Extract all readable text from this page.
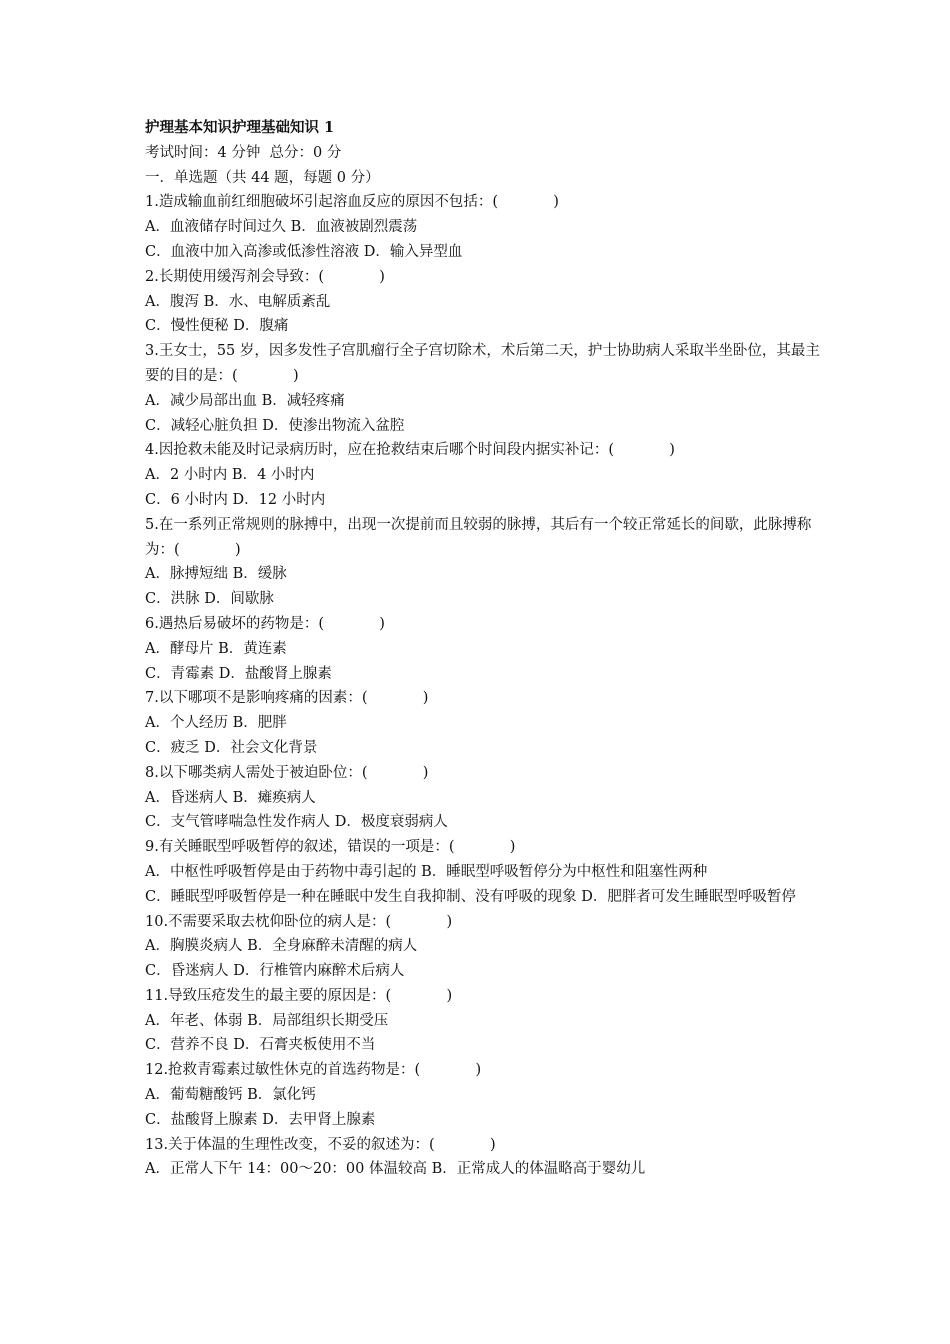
护理基本知识护理基础知识 1
考试时间：4 分钟  总分：0 分
一．单选题（共 44 题，每题 0 分）
1.造成输血前红细胞破坏引起溶血反应的原因不包括：(            )
A．血液储存时间过久 B．血液被剧烈震荡
C．血液中加入高渗或低渗性溶液 D．输入异型血
2.长期使用缓泻剂会导致：(            )
A．腹泻 B．水、电解质紊乱
C．慢性便秘 D．腹痛
3.王女士，55 岁，因多发性子宫肌瘤行全子宫切除术，术后第二天，护士协助病人采取半坐卧位，其最主要的目的是：(            )
A．减少局部出血 B．减轻疼痛
C．减轻心脏负担 D．使渗出物流入盆腔
4.因抢救未能及时记录病历时，应在抢救结束后哪个时间段内据实补记：(            )
A．2 小时内 B．4 小时内
C．6 小时内 D．12 小时内
5.在一系列正常规则的脉搏中，出现一次提前而且较弱的脉搏，其后有一个较正常延长的间歇，此脉搏称为：(            )
A．脉搏短绌 B．缓脉
C．洪脉 D．间歇脉
6.遇热后易破坏的药物是：(            )
A．酵母片 B．黄连素
C．青霉素 D．盐酸肾上腺素
7.以下哪项不是影响疼痛的因素：(            )
A．个人经历 B．肥胖
C．疲乏 D．社会文化背景
8.以下哪类病人需处于被迫卧位：(            )
A．昏迷病人 B．瘫痪病人
C．支气管哮喘急性发作病人 D．极度衰弱病人
9.有关睡眠型呼吸暂停的叙述，错误的一项是：(            )
A．中枢性呼吸暂停是由于药物中毒引起的 B．睡眠型呼吸暂停分为中枢性和阻塞性两种
C．睡眠型呼吸暂停是一种在睡眠中发生自我抑制、没有呼吸的现象 D．肥胖者可发生睡眠型呼吸暂停
10.不需要采取去枕仰卧位的病人是：(            )
A．胸膜炎病人 B．全身麻醉未清醒的病人
C．昏迷病人 D．行椎管内麻醉术后病人
11.导致压疮发生的最主要的原因是：(            )
A．年老、体弱 B．局部组织长期受压
C．营养不良 D．石膏夹板使用不当
12.抢救青霉素过敏性休克的首选药物是：(            )
A．葡萄糖酸钙 B．氯化钙
C．盐酸肾上腺素 D．去甲肾上腺素
13.关于体温的生理性改变，不妥的叙述为：(            )
A．正常人下午 14：00～20：00 体温较高 B．正常成人的体温略高于婴幼儿
